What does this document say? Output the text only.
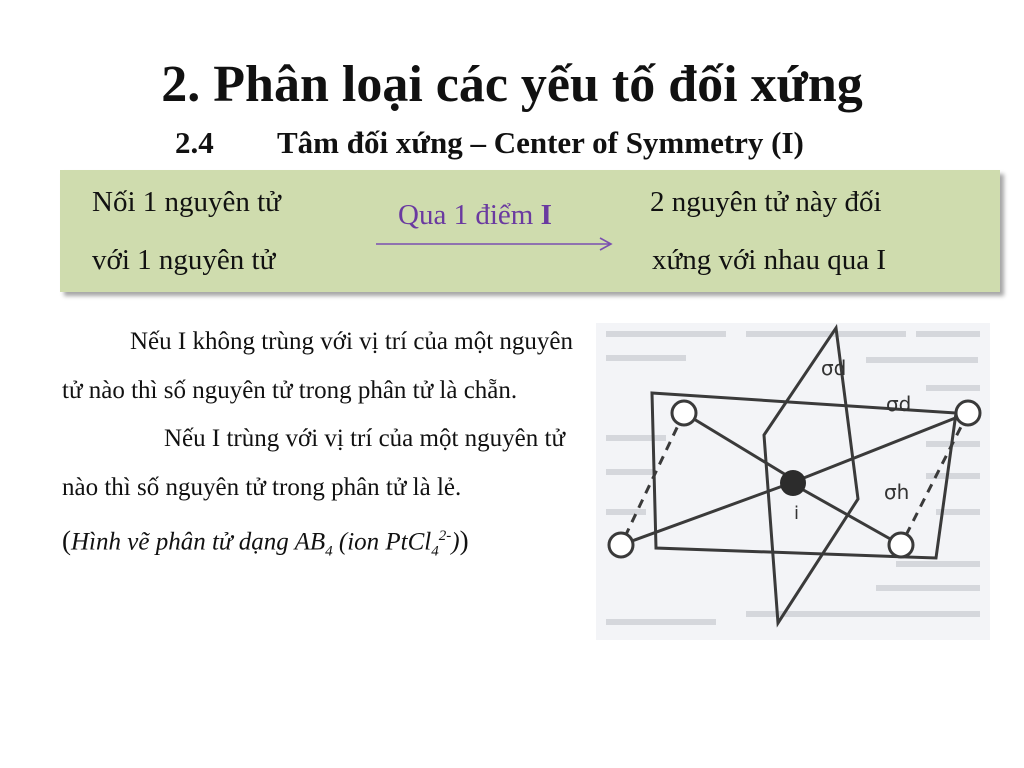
2. Phân loại các yếu tố đối xứng
2.4 Tâm đối xứng – Center of Symmetry (I)
Nối 1 nguyên tử
với 1 nguyên tử
Qua 1 điểm I	2 nguyên tử này đối
xứng với nhau qua I

Nếu I không trùng với vị trí của một nguyên tử nào thì số nguyên tử trong phân tử là chẵn.

Nếu I trùng với vị trí của một nguyên tử nào thì số nguyên tử trong phân tử là lẻ.

(Hình vẽ phân tử dạng $AB_4$ (ion PtCl$_4^{2-}$))

σd
σd
σh
i
